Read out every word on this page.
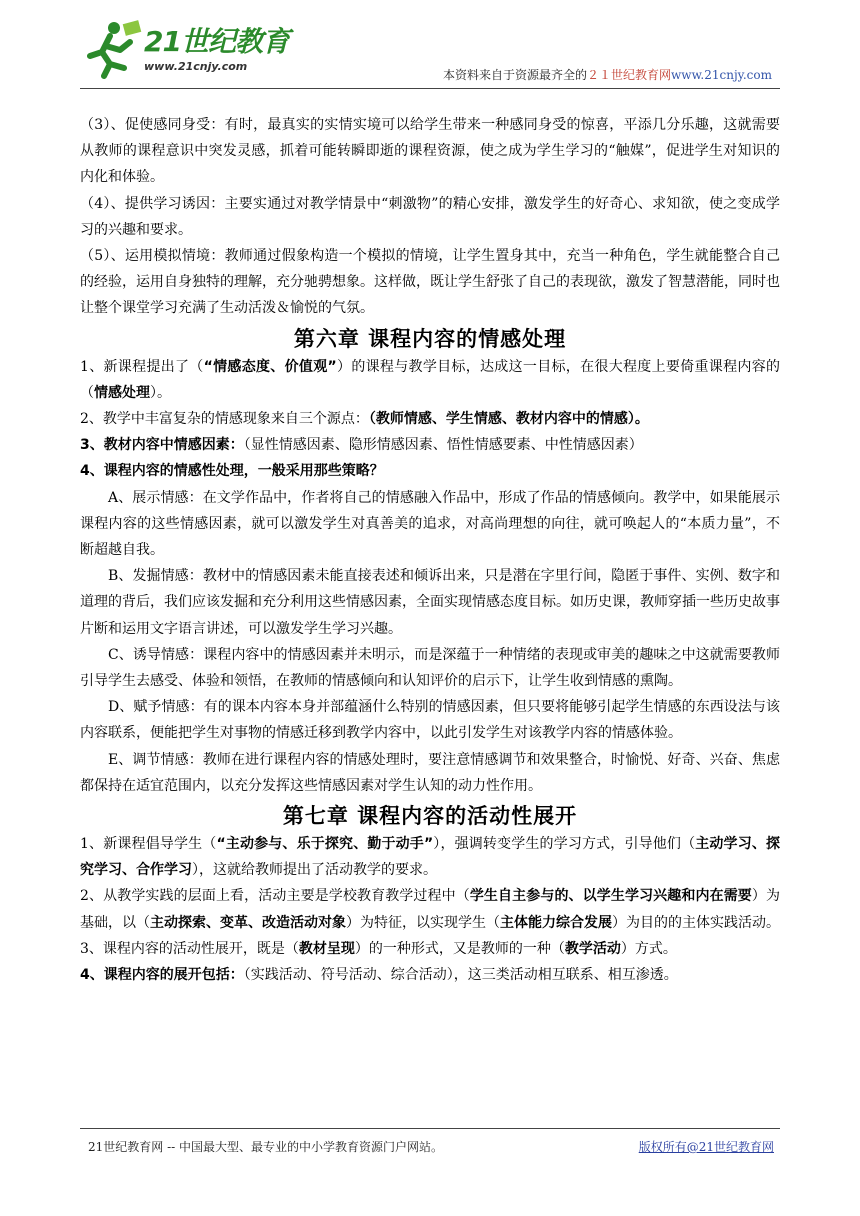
21世纪教育
www.21cnjy.com
本资料来自于资源最齐全的２１世纪教育网www.21cnjy.com

（3）、促使感同身受：有时，最真实的实情实境可以给学生带来一种感同身受的惊喜，平添几分乐趣，这就需要从教师的课程意识中突发灵感，抓着可能转瞬即逝的课程资源，使之成为学生学习的“触媒”，促进学生对知识的内化和体验。

（4）、提供学习诱因：主要实通过对教学情景中“刺激物”的精心安排，激发学生的好奇心、求知欲，使之变成学习的兴趣和要求。

（5）、运用模拟情境：教师通过假象构造一个模拟的情境，让学生置身其中，充当一种角色，学生就能整合自己的经验，运用自身独特的理解，充分驰骋想象。这样做，既让学生舒张了自己的表现欲，激发了智慧潜能，同时也让整个课堂学习充满了生动活泼＆愉悦的气氛。

第六章 课程内容的情感处理

1、新课程提出了（“情感态度、价值观”）的课程与教学目标，达成这一目标，在很大程度上要倚重课程内容的（情感处理）。

2、教学中丰富复杂的情感现象来自三个源点：（教师情感、学生情感、教材内容中的情感）。

3、教材内容中情感因素：（显性情感因素、隐形情感因素、悟性情感要素、中性情感因素）

4、课程内容的情感性处理，一般采用那些策略？

A、展示情感：在文学作品中，作者将自己的情感融入作品中，形成了作品的情感倾向。教学中，如果能展示课程内容的这些情感因素，就可以激发学生对真善美的追求，对高尚理想的向往，就可唤起人的“本质力量”，不断超越自我。

B、发掘情感：教材中的情感因素未能直接表述和倾诉出来，只是潜在字里行间，隐匿于事件、实例、数字和道理的背后，我们应该发掘和充分利用这些情感因素，全面实现情感态度目标。如历史课，教师穿插一些历史故事片断和运用文字语言讲述，可以激发学生学习兴趣。

C、诱导情感：课程内容中的情感因素并未明示，而是深蕴于一种情绪的表现或审美的趣味之中这就需要教师引导学生去感受、体验和领悟，在教师的情感倾向和认知评价的启示下，让学生收到情感的熏陶。

D、赋予情感：有的课本内容本身并部蕴涵什么特别的情感因素，但只要将能够引起学生情感的东西设法与该内容联系，便能把学生对事物的情感迁移到教学内容中，以此引发学生对该教学内容的情感体验。

E、调节情感：教师在进行课程内容的情感处理时，要注意情感调节和效果整合，时愉悦、好奇、兴奋、焦虑都保持在适宜范围内，以充分发挥这些情感因素对学生认知的动力性作用。

第七章 课程内容的活动性展开

1、新课程倡导学生（“主动参与、乐于探究、勤于动手”），强调转变学生的学习方式，引导他们（主动学习、探究学习、合作学习），这就给教师提出了活动教学的要求。

2、从教学实践的层面上看，活动主要是学校教育教学过程中（学生自主参与的、以学生学习兴趣和内在需要）为基础，以（主动探索、变革、改造活动对象）为特征，以实现学生（主体能力综合发展）为目的的主体实践活动。

3、课程内容的活动性展开，既是（教材呈现）的一种形式，又是教师的一种（教学活动）方式。

4、课程内容的展开包括：（实践活动、符号活动、综合活动），这三类活动相互联系、相互渗透。

21世纪教育网 -- 中国最大型、最专业的中小学教育资源门户网站。	版权所有@21世纪教育网
